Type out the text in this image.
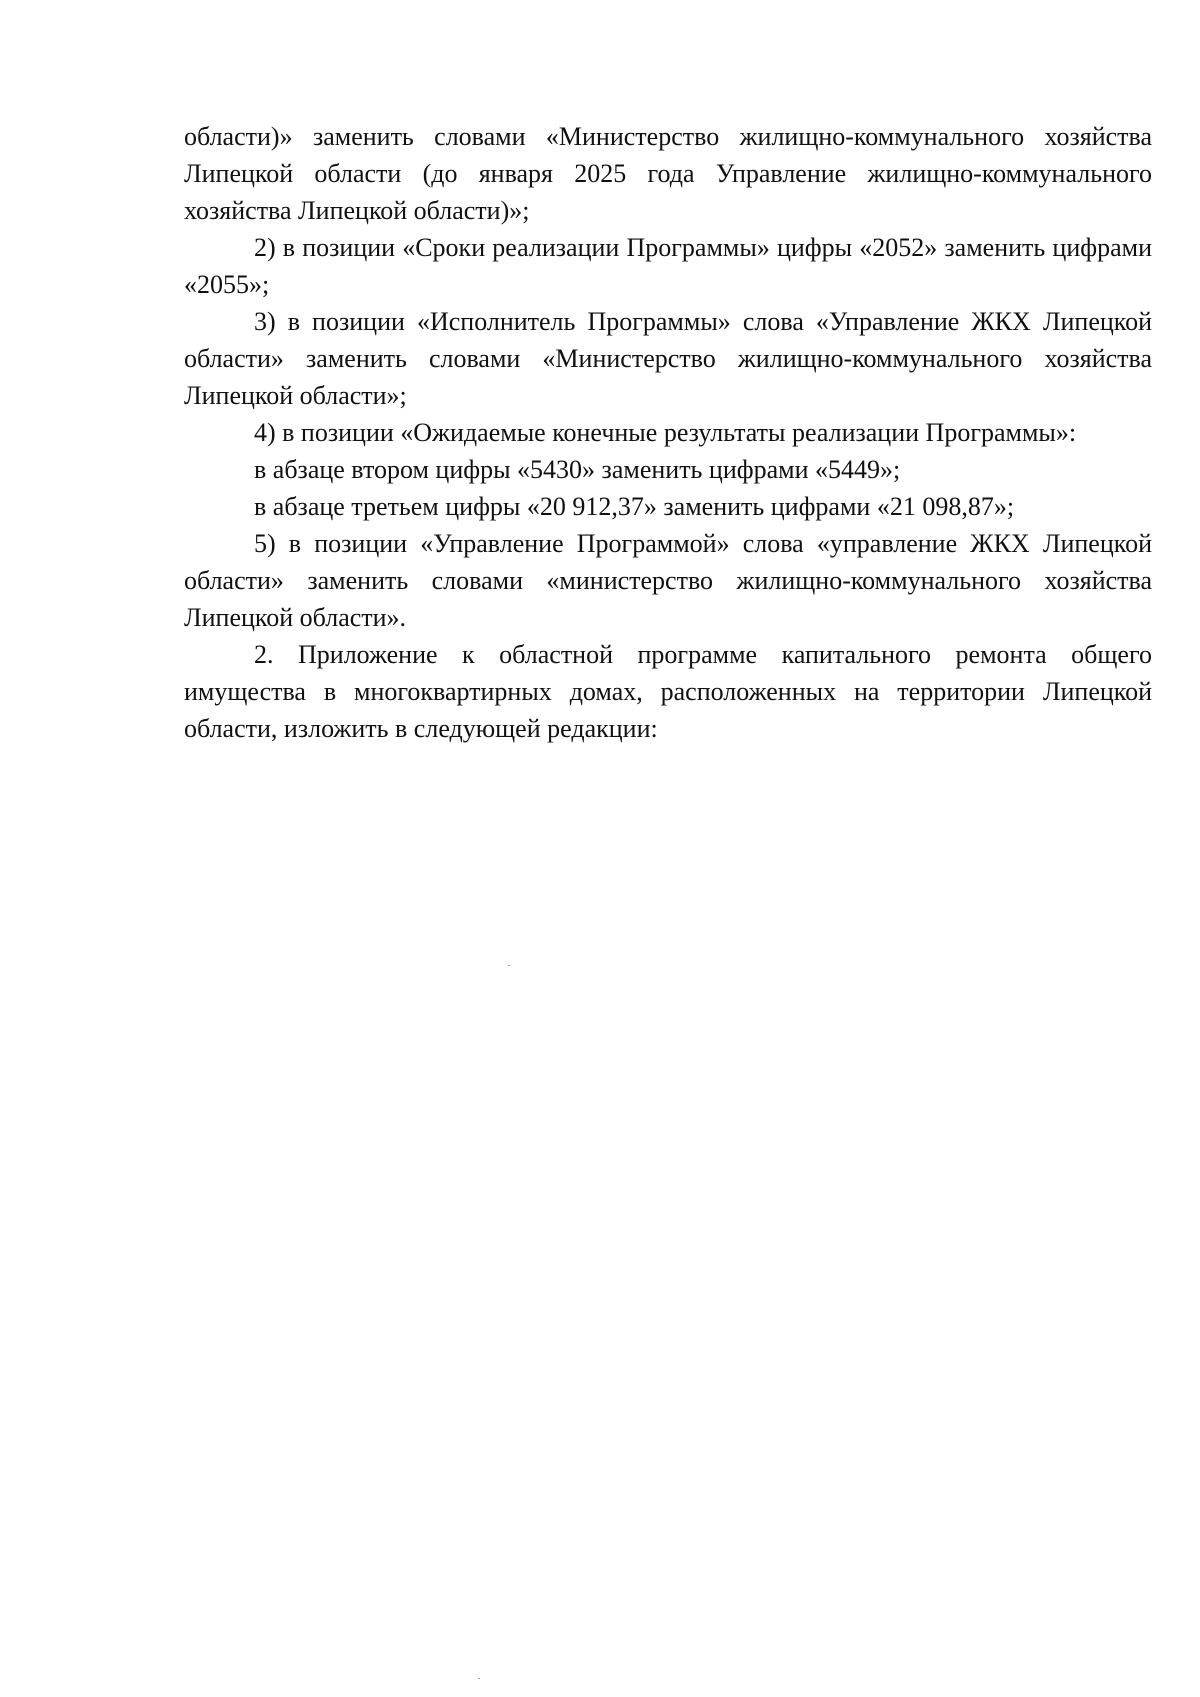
области)» заменить словами «Министерство жилищно-коммунального хозяйства Липецкой области (до января 2025 года Управление жилищно-коммунального хозяйства Липецкой области)»;

2) в позиции «Сроки реализации Программы» цифры «2052» заменить цифрами «2055»;

3) в позиции «Исполнитель Программы» слова «Управление ЖКХ Липецкой области» заменить словами «Министерство жилищно-коммунального хозяйства Липецкой области»;

4) в позиции «Ожидаемые конечные результаты реализации Программы»:

в абзаце втором цифры «5430» заменить цифрами «5449»;

в абзаце третьем цифры «20 912,37» заменить цифрами «21 098,87»;

5) в позиции «Управление Программой» слова «управление ЖКХ Липецкой области» заменить словами «министерство жилищно-коммунального хозяйства Липецкой области».

2. Приложение к областной программе капитального ремонта общего имущества в многоквартирных домах, расположенных на территории Липецкой области, изложить в следующей редакции:
